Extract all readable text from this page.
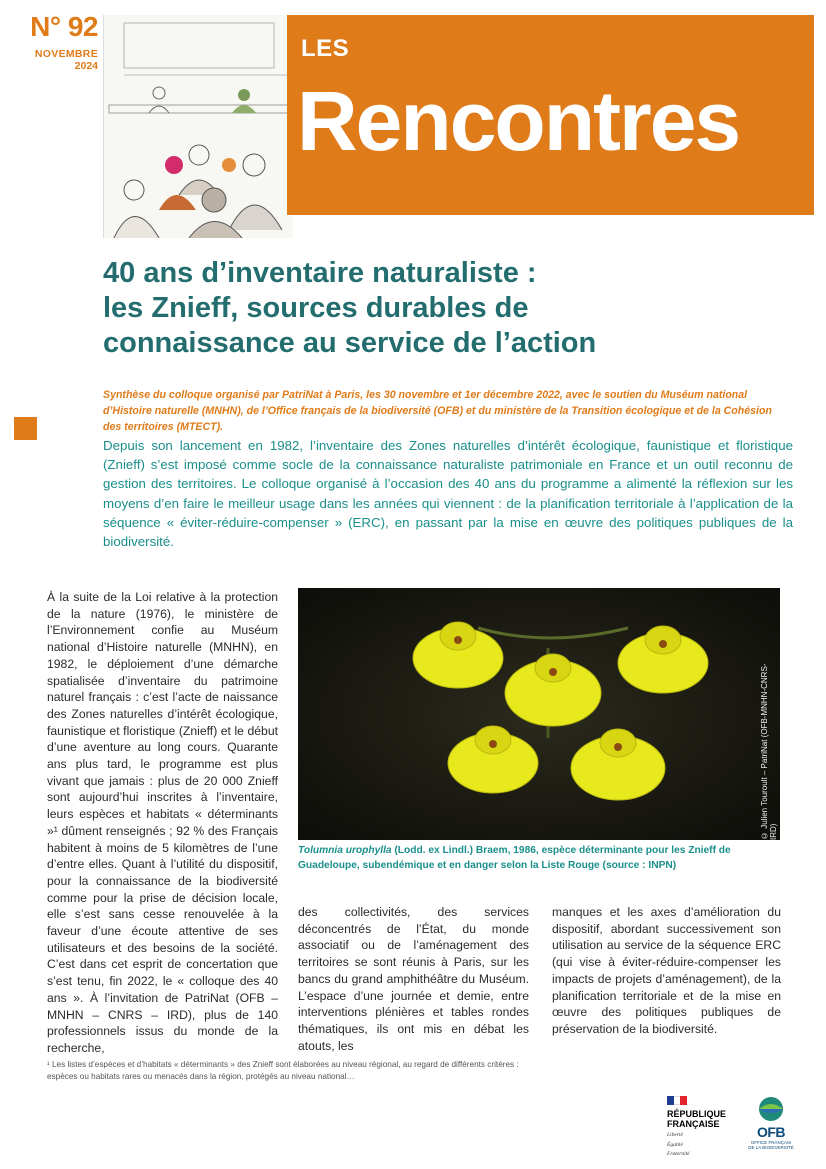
N° 92
NOVEMBRE
2024
LES
Rencontres
40 ans d’inventaire naturaliste :
les Znieff, sources durables de
connaissance au service de l’action
Synthèse du colloque organisé par PatriNat à Paris, les 30 novembre et 1er décembre 2022, avec le soutien du Muséum national d’Histoire naturelle (MNHN), de l’Office français de la biodiversité (OFB) et du ministère de la Transition écologique et de la Cohésion des territoires (MTECT).
Depuis son lancement en 1982, l’inventaire des Zones naturelles d’intérêt écologique, faunistique et floristique (Znieff) s’est imposé comme socle de la connaissance naturaliste patrimoniale en France et un outil reconnu de gestion des territoires. Le colloque organisé à l’occasion des 40 ans du programme a alimenté la réflexion sur les moyens d’en faire le meilleur usage dans les années qui viennent : de la planification territoriale à l’application de la séquence « éviter-réduire-compenser » (ERC), en passant par la mise en œuvre des politiques publiques de la biodiversité.
À la suite de la Loi relative à la protection de la nature (1976), le ministère de l’Environnement confie au Muséum national d’Histoire naturelle (MNHN), en 1982, le déploiement d’une démarche spatialisée d’inventaire du patrimoine naturel français : c’est l’acte de naissance des Zones naturelles d’intérêt écologique, faunistique et floristique (Znieff) et le début d’une aventure au long cours. Quarante ans plus tard, le programme est plus vivant que jamais : plus de 20 000 Znieff sont aujourd’hui inscrites à l’inventaire, leurs espèces et habitats « déterminants »¹ dûment renseignés ; 92 % des Français habitent à moins de 5 kilomètres de l’une d’entre elles. Quant à l’utilité du dispositif, pour la connaissance de la biodiversité comme pour la prise de décision locale, elle s’est sans cesse renouvelée à la faveur d’une écoute attentive de ses utilisateurs et des besoins de la société. C’est dans cet esprit de concertation que s’est tenu, fin 2022, le « colloque des 40 ans ». À l’invitation de PatriNat (OFB – MNHN – CNRS – IRD), plus de 140 professionnels issus du monde de la recherche,
© Julien Touroult – PatriNat (OFB-MNHN-CNRS-IRD)
Tolumnia urophylla (Lodd. ex Lindl.) Braem, 1986, espèce déterminante pour les Znieff de Guadeloupe, subendémique et en danger selon la Liste Rouge (source : INPN)
des collectivités, des services déconcentrés de l’État, du monde associatif ou de l’aménagement des territoires se sont réunis à Paris, sur les bancs du grand amphithéâtre du Muséum. L’espace d’une journée et demie, entre interventions plénières et tables rondes thématiques, ils ont mis en débat les atouts, les
manques et les axes d’amélioration du dispositif, abordant successivement son utilisation au service de la séquence ERC (qui vise à éviter-réduire-compenser les impacts de projets d’aménagement), de la planification territoriale et de la mise en œuvre des politiques publiques de préservation de la biodiversité.
¹ Les listes d’espèces et d’habitats « déterminants » des Znieff sont élaborées au niveau régional, au regard de différents critères : espèces ou habitats rares ou menacés dans la région, protégés au niveau national…
RÉPUBLIQUE
FRANÇAISE
Liberté
Égalité
Fraternité
OFB
OFFICE FRANÇAIS
DE LA BIODIVERSITÉ
